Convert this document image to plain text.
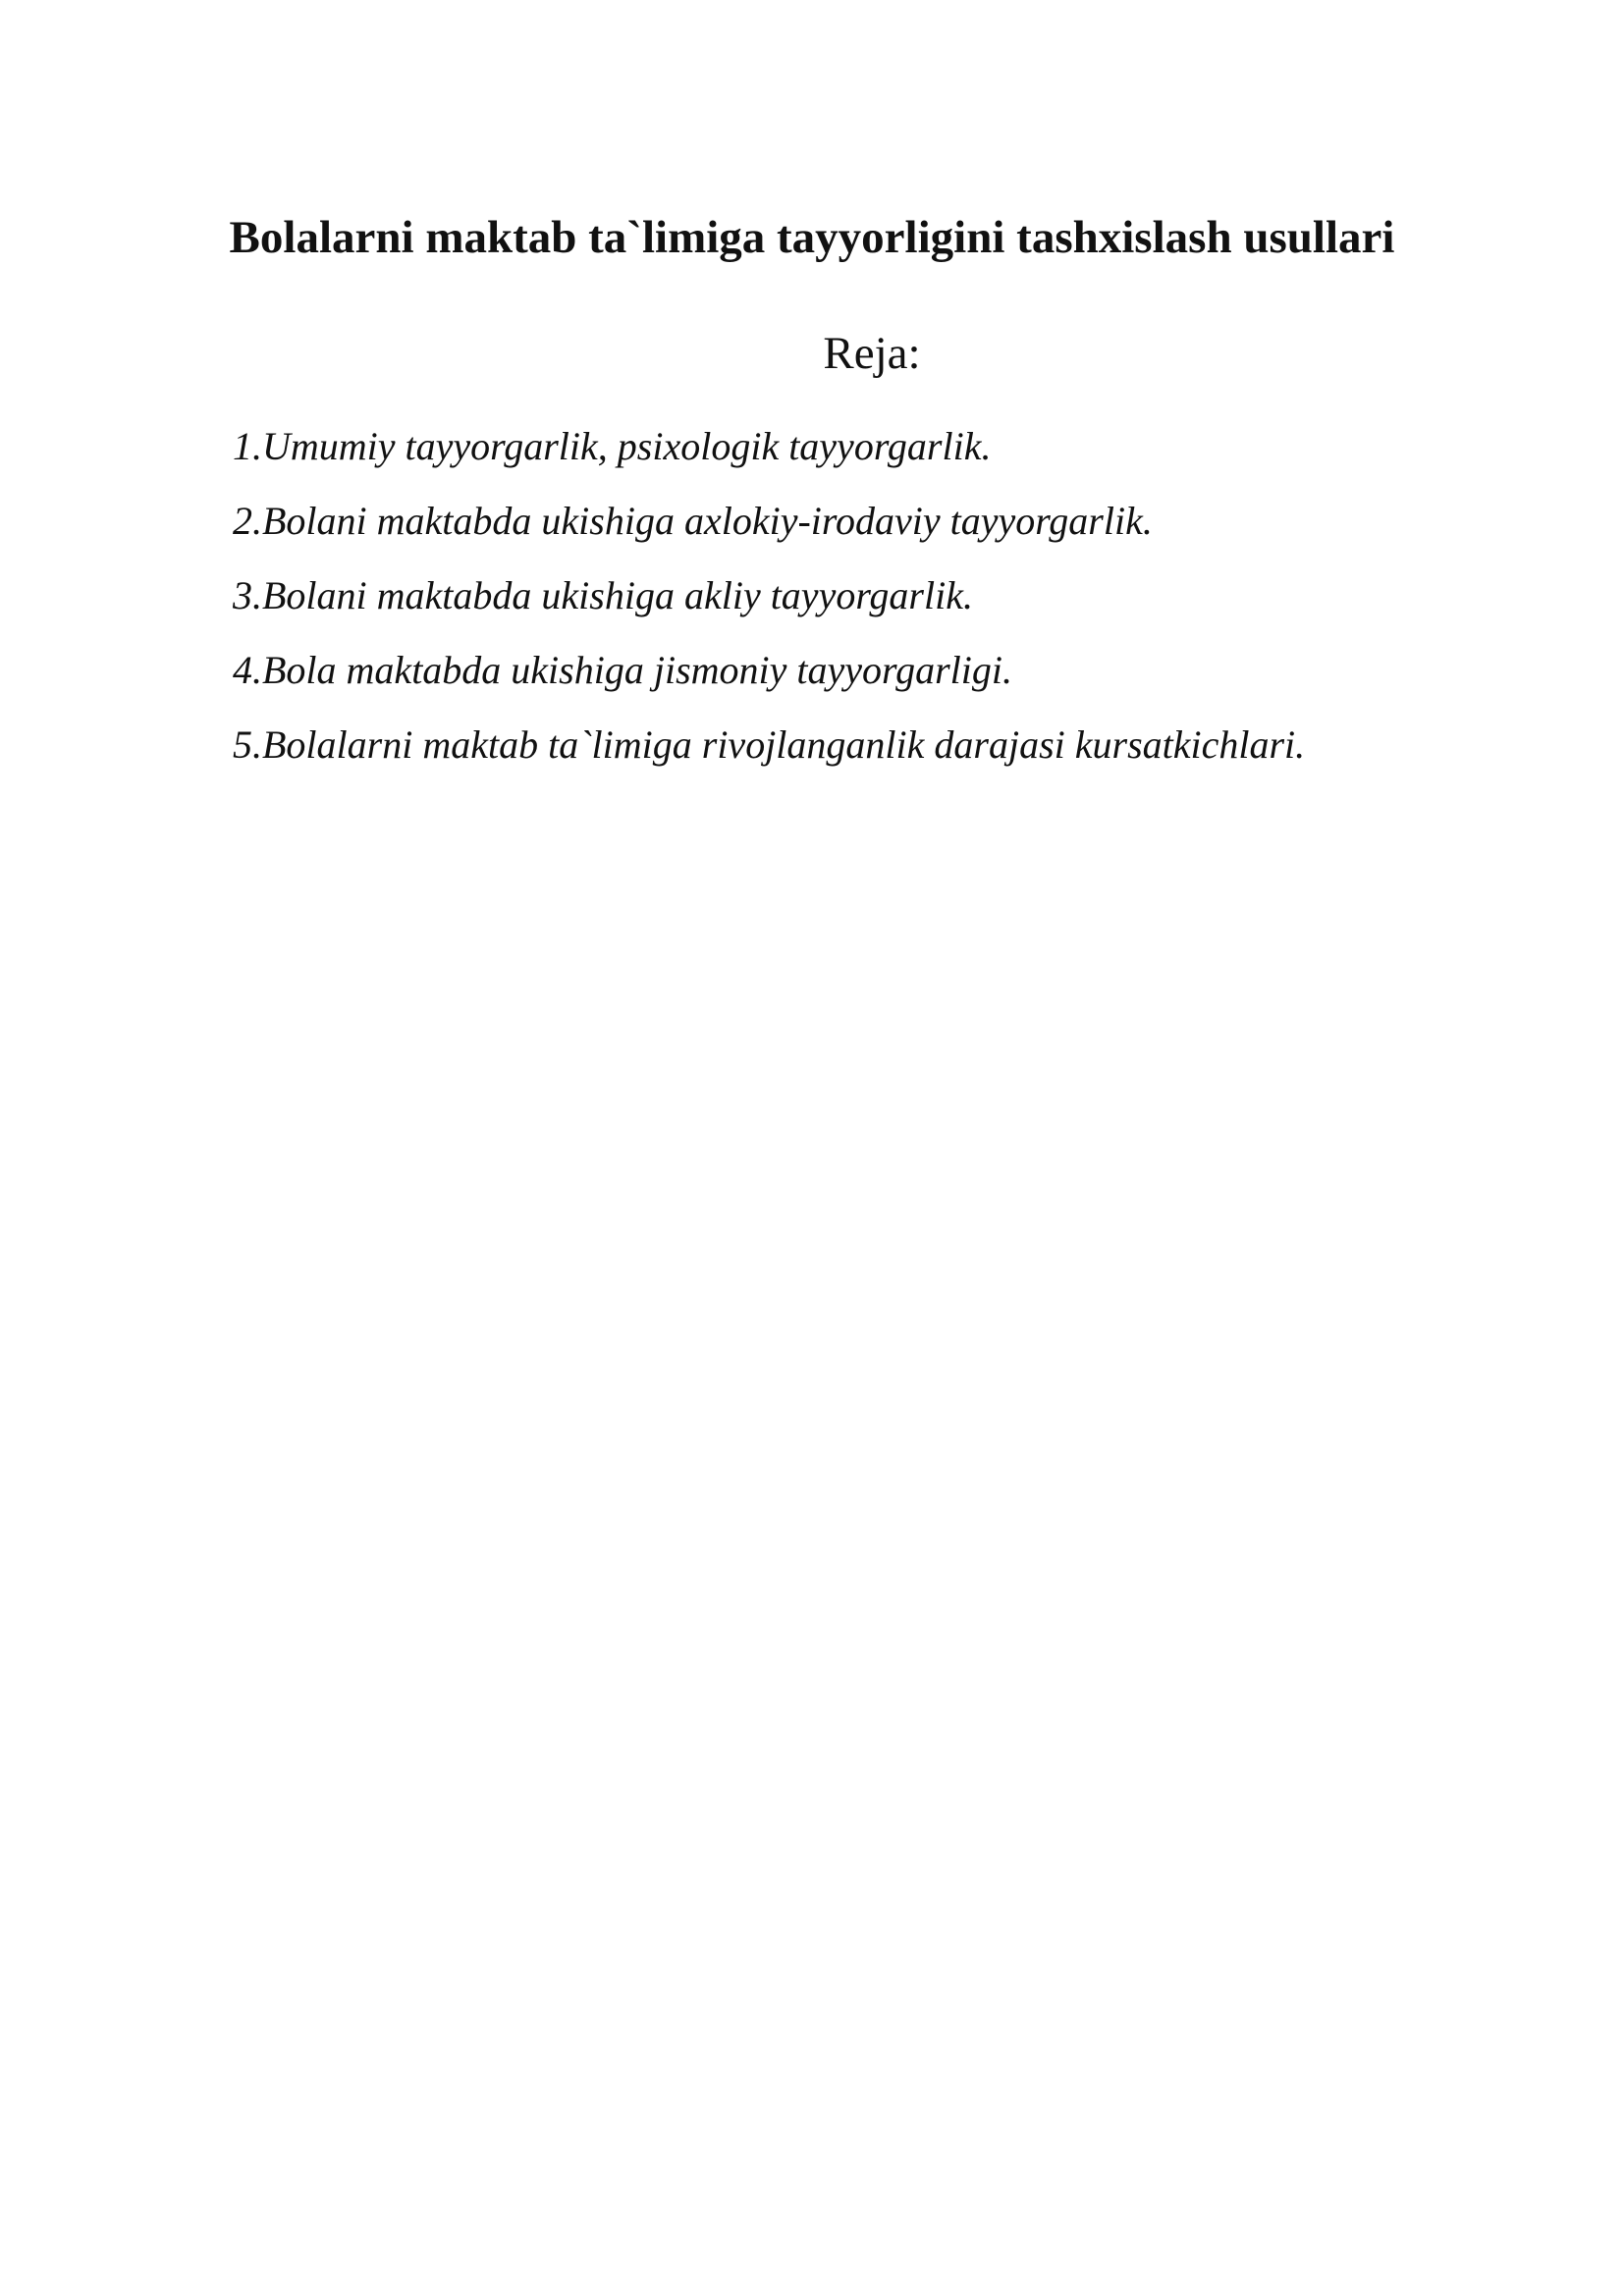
Bolalarni maktab ta`limiga tayyorligini tashxislash usullari
Reja:
1.Umumiy tayyorgarlik, psixologik tayyorgarlik.
2.Bolani maktabda ukishiga axlokiy-irodaviy tayyorgarlik.
3.Bolani maktabda ukishiga akliy tayyorgarlik.
4.Bola maktabda ukishiga jismoniy tayyorgarligi.
5.Bolalarni maktab ta`limiga rivojlanganlik darajasi kursatkichlari.
